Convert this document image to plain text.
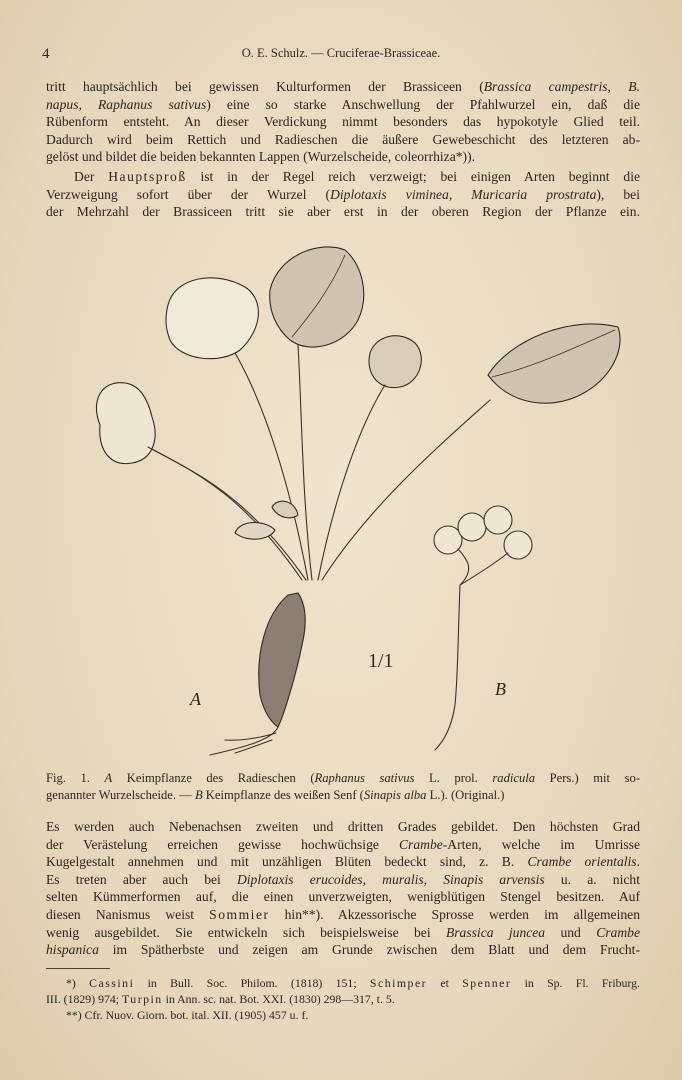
4	O. E. Schulz. — Cruciferae-Brassiceae.
tritt hauptsächlich bei gewissen Kulturformen der Brassiceen (Brassica campestris, B.
napus, Raphanus sativus) eine so starke Anschwellung der Pfahlwurzel ein, daß die
Rübenform entsteht. An dieser Verdickung nimmt besonders das hypokotyle Glied teil.
Dadurch wird beim Rettich und Radieschen die äußere Gewebeschicht des letzteren ab-
gelöst und bildet die beiden bekannten Lappen (Wurzelscheide, coleorrhiza*)).
Der Hauptsproß ist in der Regel reich verzweigt; bei einigen Arten beginnt die
Verzweigung sofort über der Wurzel (Diplotaxis viminea, Muricaria prostrata), bei
der Mehrzahl der Brassiceen tritt sie aber erst in der oberen Region der Pflanze ein.
A	B
1/1
Fig. 1. A Keimpflanze des Radieschen (Raphanus sativus L. prol. radicula Pers.) mit so-
genannter Wurzelscheide. — B Keimpflanze des weißen Senf (Sinapis alba L.). (Original.)
Es werden auch Nebenachsen zweiten und dritten Grades gebildet. Den höchsten Grad
der Verästelung erreichen gewisse hochwüchsige Crambe-Arten, welche im Umrisse
Kugelgestalt annehmen und mit unzähligen Blüten bedeckt sind, z. B. Crambe orientalis.
Es treten aber auch bei Diplotaxis erucoides, muralis, Sinapis arvensis u. a. nicht
selten Kümmerformen auf, die einen unverzweigten, wenigblütigen Stengel besitzen. Auf
diesen Nanismus weist Sommier hin**). Akzessorische Sprosse werden im allgemeinen
wenig ausgebildet. Sie entwickeln sich beispielsweise bei Brassica juncea und Crambe
hispanica im Spätherbste und zeigen am Grunde zwischen dem Blatt und dem Frucht-
*) Cassini in Bull. Soc. Philom. (1818) 151; Schimper et Spenner in Sp. Fl. Friburg.
III. (1829) 974; Turpin in Ann. sc. nat. Bot. XXI. (1830) 298—317, t. 5.
**) Cfr. Nuov. Giorn. bot. ital. XII. (1905) 457 u. f.
